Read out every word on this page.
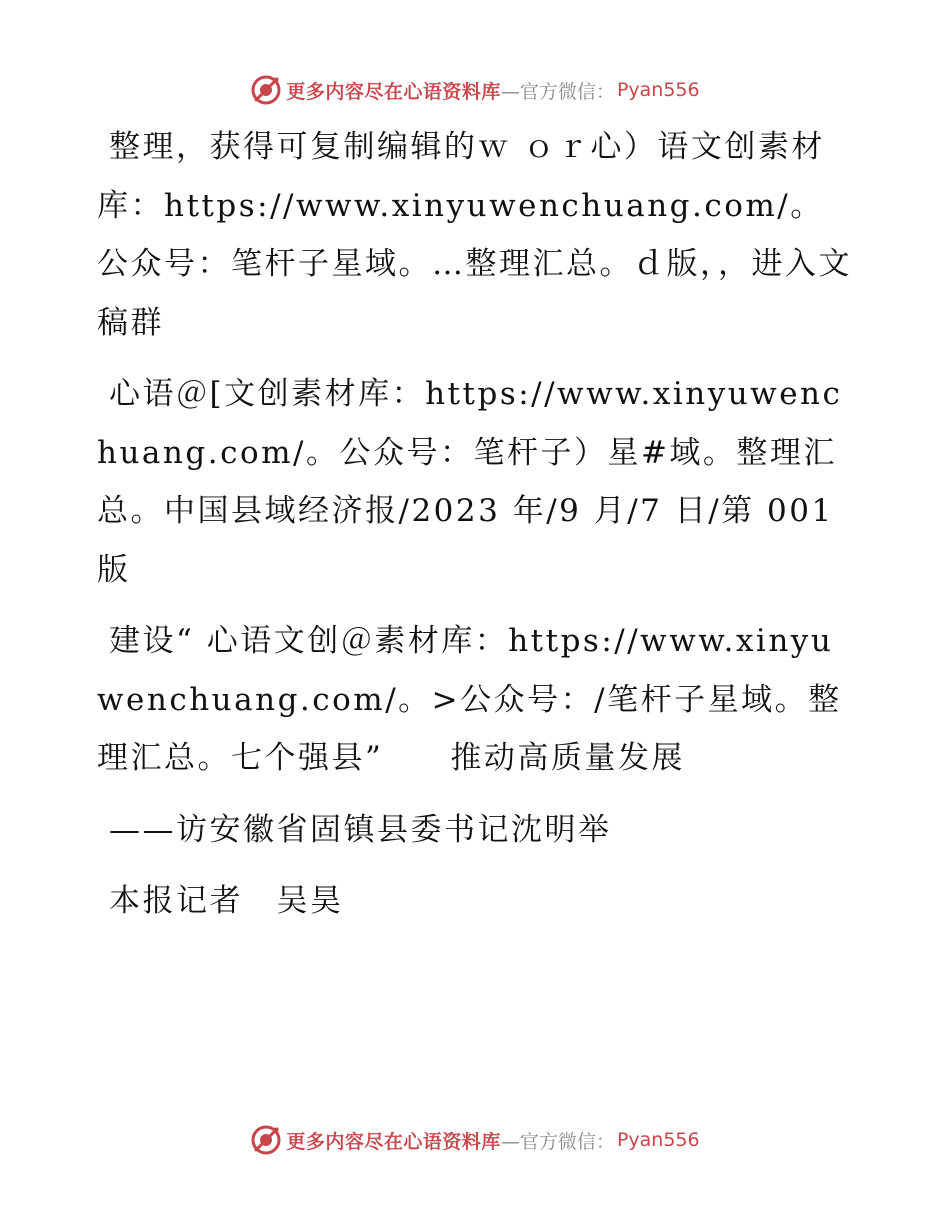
更多内容尽在心语资料库 —官方微信： Pyan556

整理，获得可复制编辑的ｗ ｏｒ心）语文创素材库：https://www.xinyuwenchuang.com/。公众号：笔杆子星域。…整理汇总。ｄ版，，进入文稿群

心语＠[文创素材库：https://www.xinyuwenchuang.com/。公众号：笔杆子）星#域。整理汇总。中国县域经济报/2023 年/9 月/7 日/第 001 版

建设“ 心语文创＠素材库：https://www.xinyuwenchuang.com/。>公众号：/笔杆子星域。整理汇总。七个强县”　　推动高质量发展

——访安徽省固镇县委书记沈明举

本报记者　吴昊

更多内容尽在心语资料库 —官方微信： Pyan556
